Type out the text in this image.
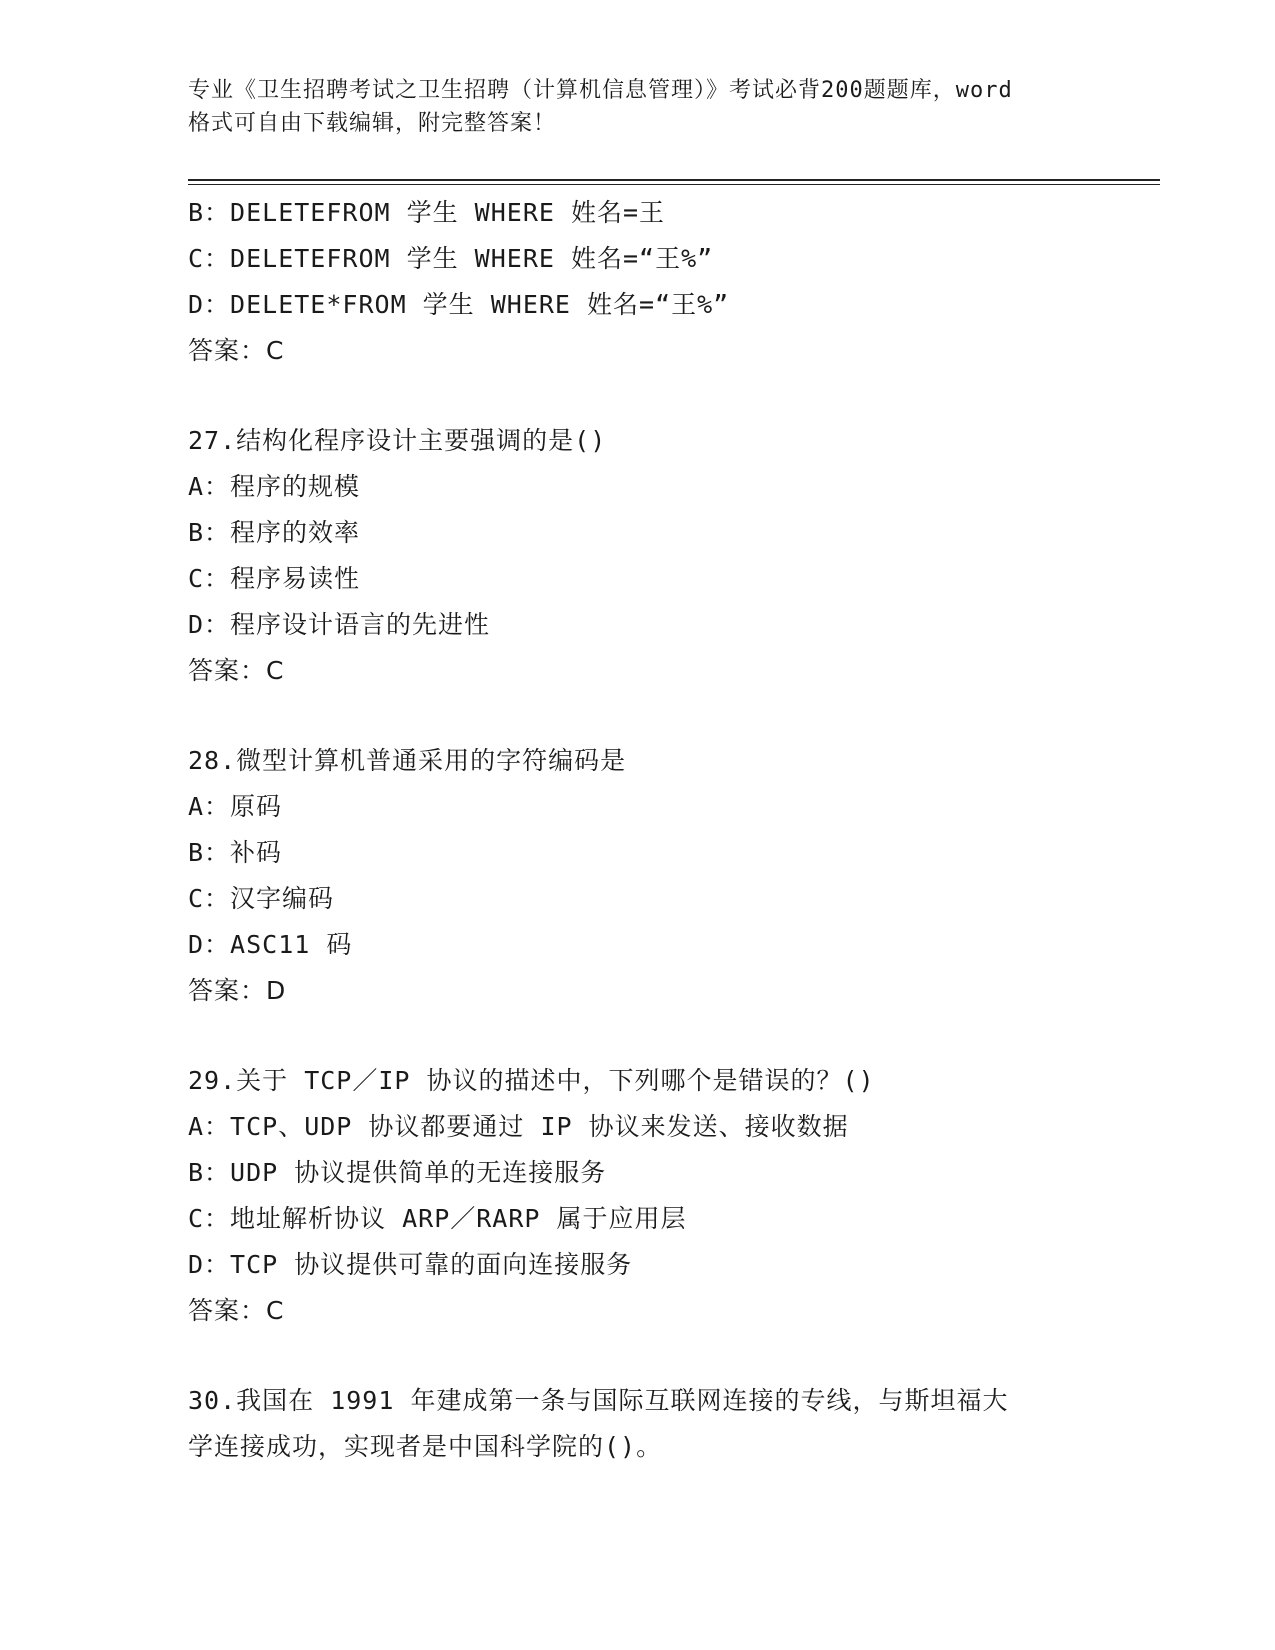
专业《卫生招聘考试之卫生招聘（计算机信息管理）》考试必背200题题库，word
格式可自由下载编辑，附完整答案！
B：DELETEFROM 学生 WHERE 姓名=王
C：DELETEFROM 学生 WHERE 姓名=“王%”
D：DELETE*FROM 学生 WHERE 姓名=“王%”
答案：C
27.结构化程序设计主要强调的是()
A：程序的规模
B：程序的效率
C：程序易读性
D：程序设计语言的先进性
答案：C
28.微型计算机普通采用的字符编码是
A：原码
B：补码
C：汉字编码
D：ASC11 码
答案：D
29.关于 TCP／IP 协议的描述中，下列哪个是错误的？()
A：TCP、UDP 协议都要通过 IP 协议来发送、接收数据
B：UDP 协议提供简单的无连接服务
C：地址解析协议 ARP／RARP 属于应用层
D：TCP 协议提供可靠的面向连接服务
答案：C
30.我国在 1991 年建成第一条与国际互联网连接的专线，与斯坦福大
学连接成功，实现者是中国科学院的()。
